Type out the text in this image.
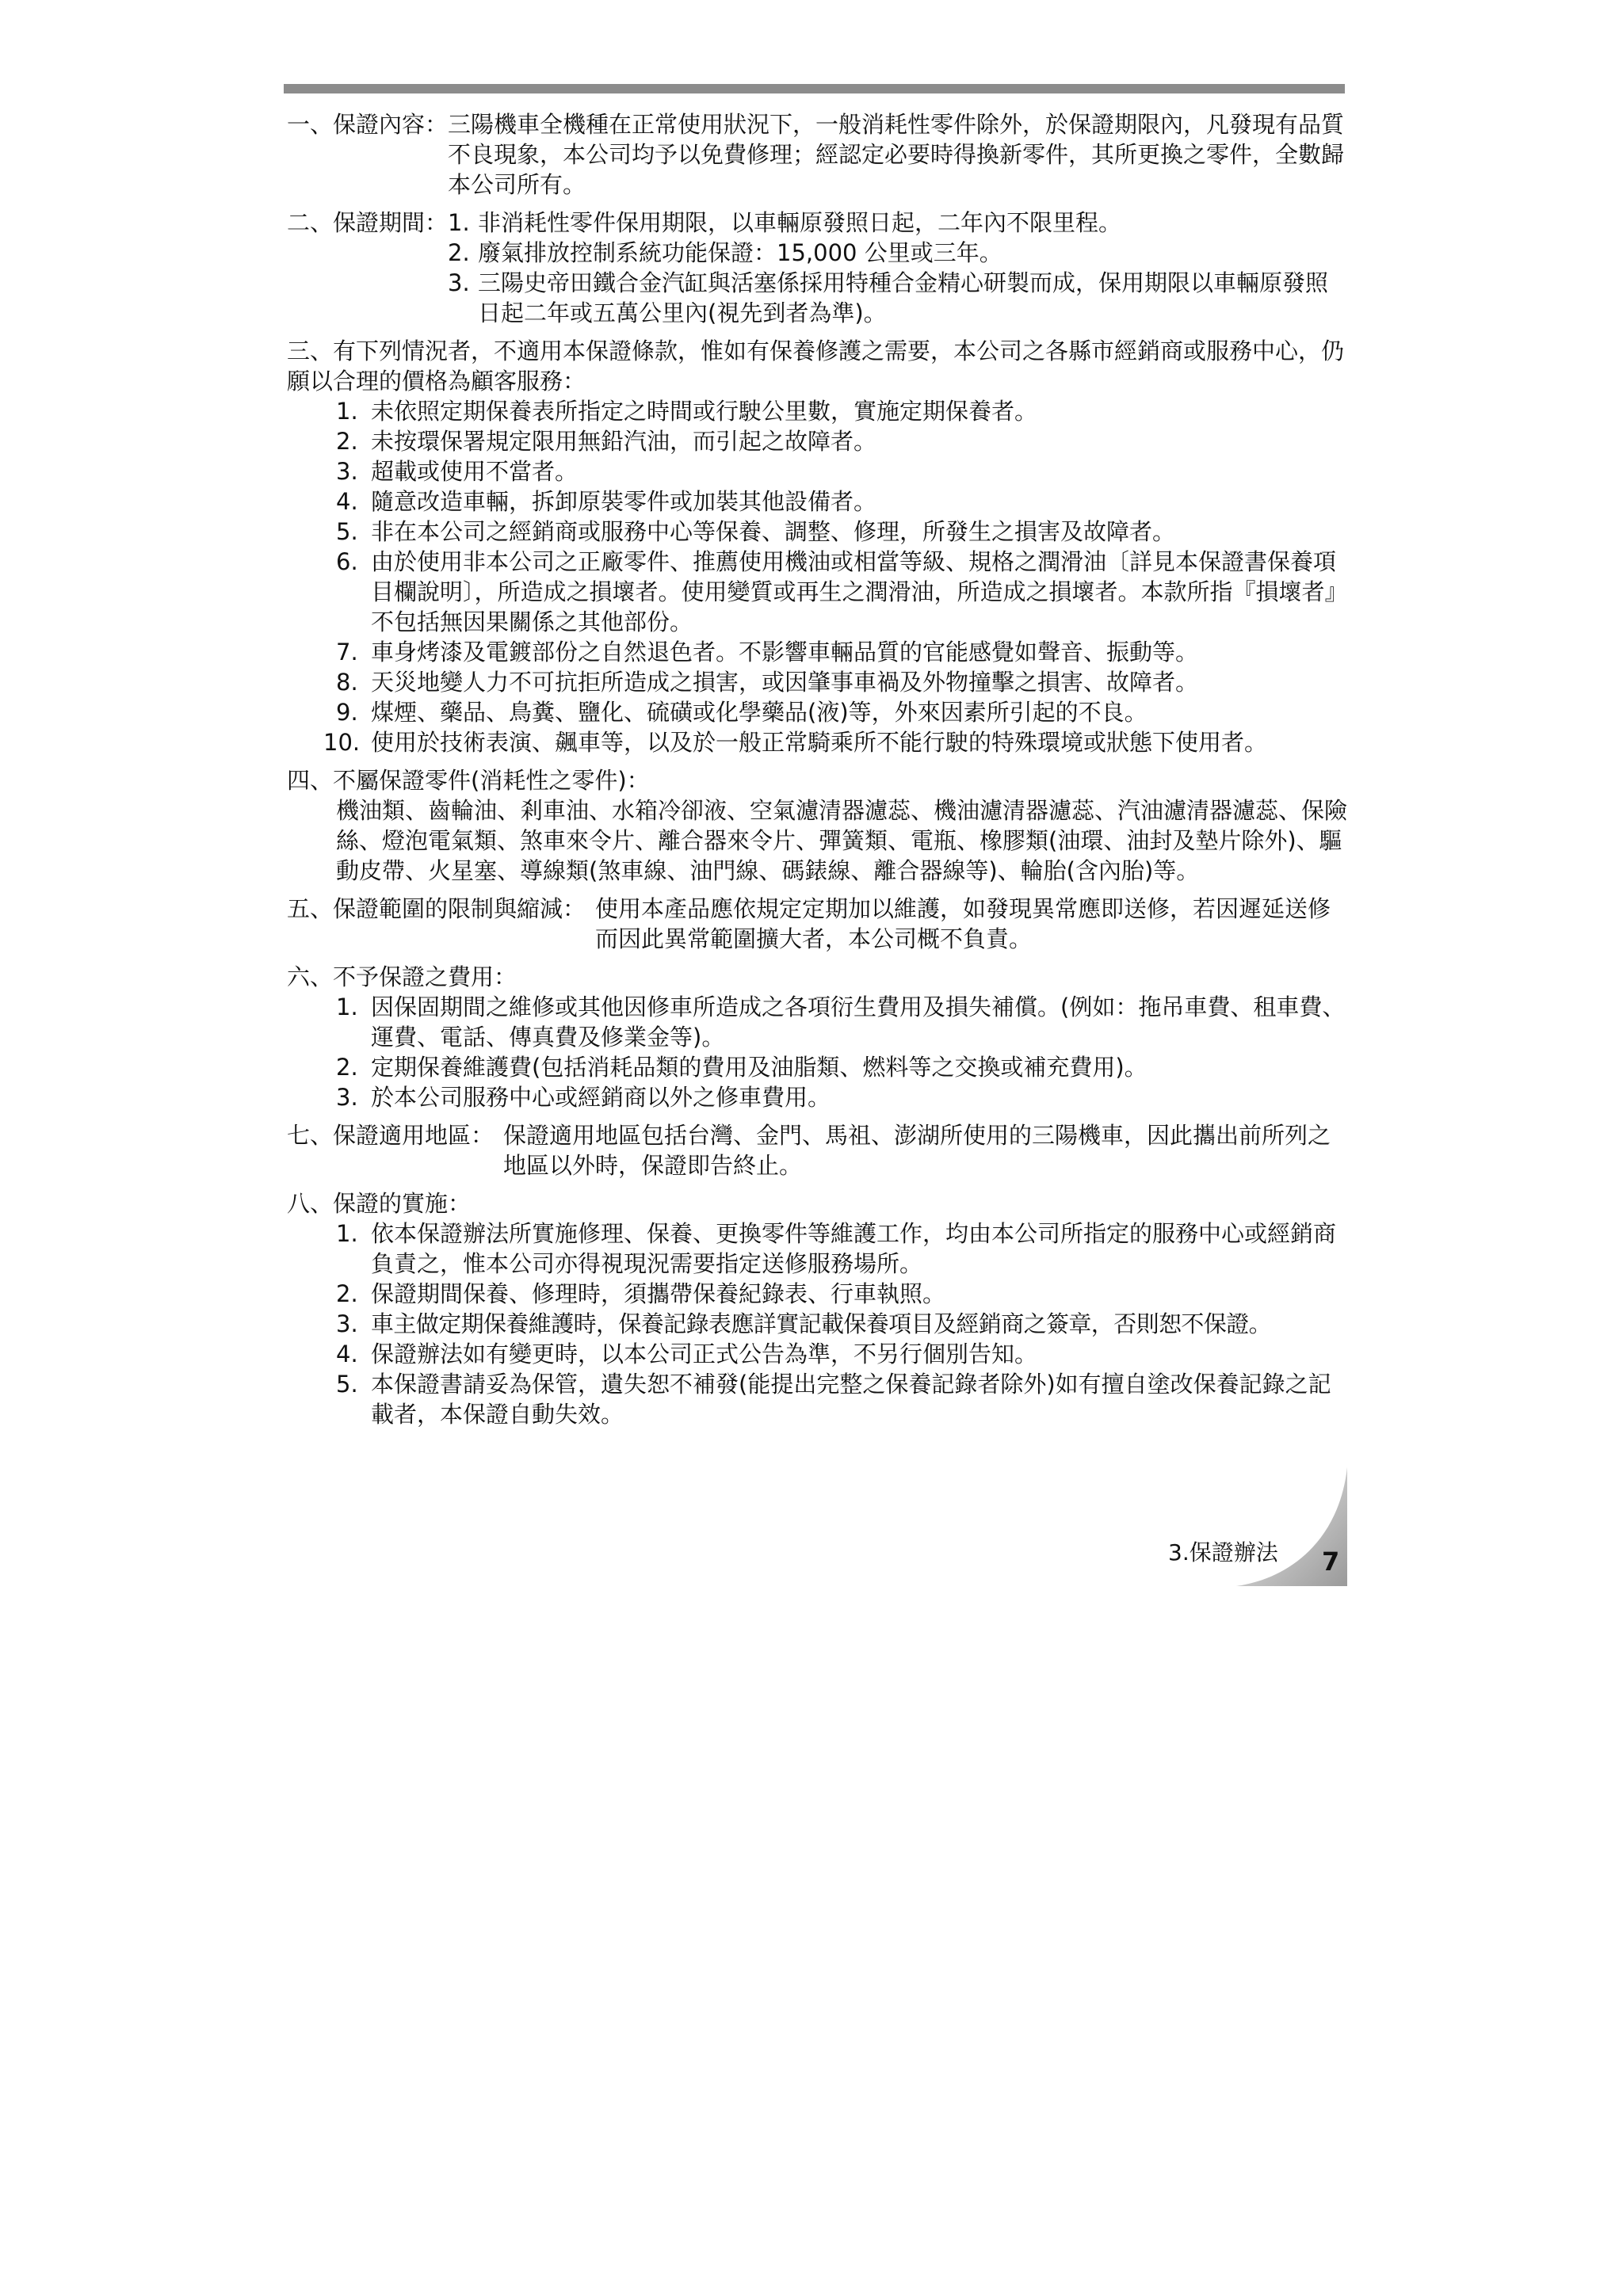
一、保證內容： 三陽機車全機種在正常使用狀況下，一般消耗性零件除外，於保證期限內，凡發現有品質不良現象，本公司均予以免費修理；經認定必要時得換新零件，其所更換之零件，全數歸本公司所有。
二、保證期間： 1. 非消耗性零件保用期限，以車輛原發照日起，二年內不限里程。
2. 廢氣排放控制系統功能保證：15,000 公里或三年。
3. 三陽史帝田鐵合金汽缸與活塞係採用特種合金精心研製而成，保用期限以車輛原發照日起二年或五萬公里內(視先到者為準)。
三、有下列情況者，不適用本保證條款，惟如有保養修護之需要，本公司之各縣市經銷商或服務中心，仍願以合理的價格為顧客服務：
1. 未依照定期保養表所指定之時間或行駛公里數，實施定期保養者。
2. 未按環保署規定限用無鉛汽油，而引起之故障者。
3. 超載或使用不當者。
4. 隨意改造車輛，拆卸原裝零件或加裝其他設備者。
5. 非在本公司之經銷商或服務中心等保養、調整、修理，所發生之損害及故障者。
6. 由於使用非本公司之正廠零件、推薦使用機油或相當等級、規格之潤滑油〔詳見本保證書保養項目欄說明〕，所造成之損壞者。使用變質或再生之潤滑油，所造成之損壞者。本款所指『損壞者』不包括無因果關係之其他部份。
7. 車身烤漆及電鍍部份之自然退色者。不影響車輛品質的官能感覺如聲音、振動等。
8. 天災地變人力不可抗拒所造成之損害，或因肇事車禍及外物撞擊之損害、故障者。
9. 煤煙、藥品、鳥糞、鹽化、硫磺或化學藥品(液)等，外來因素所引起的不良。
10. 使用於技術表演、飆車等，以及於一般正常騎乘所不能行駛的特殊環境或狀態下使用者。
四、不屬保證零件(消耗性之零件)：
機油類、齒輪油、剎車油、水箱冷卻液、空氣濾清器濾蕊、機油濾清器濾蕊、汽油濾清器濾蕊、保險絲、燈泡電氣類、煞車來令片、離合器來令片、彈簧類、電瓶、橡膠類(油環、油封及墊片除外)、驅動皮帶、火星塞、導線類(煞車線、油門線、碼錶線、離合器線等)、輪胎(含內胎)等。
五、保證範圍的限制與縮減： 使用本產品應依規定定期加以維護，如發現異常應即送修，若因遲延送修而因此異常範圍擴大者，本公司概不負責。
六、不予保證之費用：
1. 因保固期間之維修或其他因修車所造成之各項衍生費用及損失補償。(例如：拖吊車費、租車費、運費、電話、傳真費及修業金等)。
2. 定期保養維護費(包括消耗品類的費用及油脂類、燃料等之交換或補充費用)。
3. 於本公司服務中心或經銷商以外之修車費用。
七、保證適用地區： 保證適用地區包括台灣、金門、馬祖、澎湖所使用的三陽機車，因此攜出前所列之地區以外時，保證即告終止。
八、保證的實施：
1. 依本保證辦法所實施修理、保養、更換零件等維護工作，均由本公司所指定的服務中心或經銷商負責之，惟本公司亦得視現況需要指定送修服務場所。
2. 保證期間保養、修理時，須攜帶保養紀錄表、行車執照。
3. 車主做定期保養維護時，保養記錄表應詳實記載保養項目及經銷商之簽章，否則恕不保證。
4. 保證辦法如有變更時，以本公司正式公告為準，不另行個別告知。
5. 本保證書請妥為保管，遺失恕不補發(能提出完整之保養記錄者除外)如有擅自塗改保養記錄之記載者，本保證自動失效。
3.保證辦法 7
